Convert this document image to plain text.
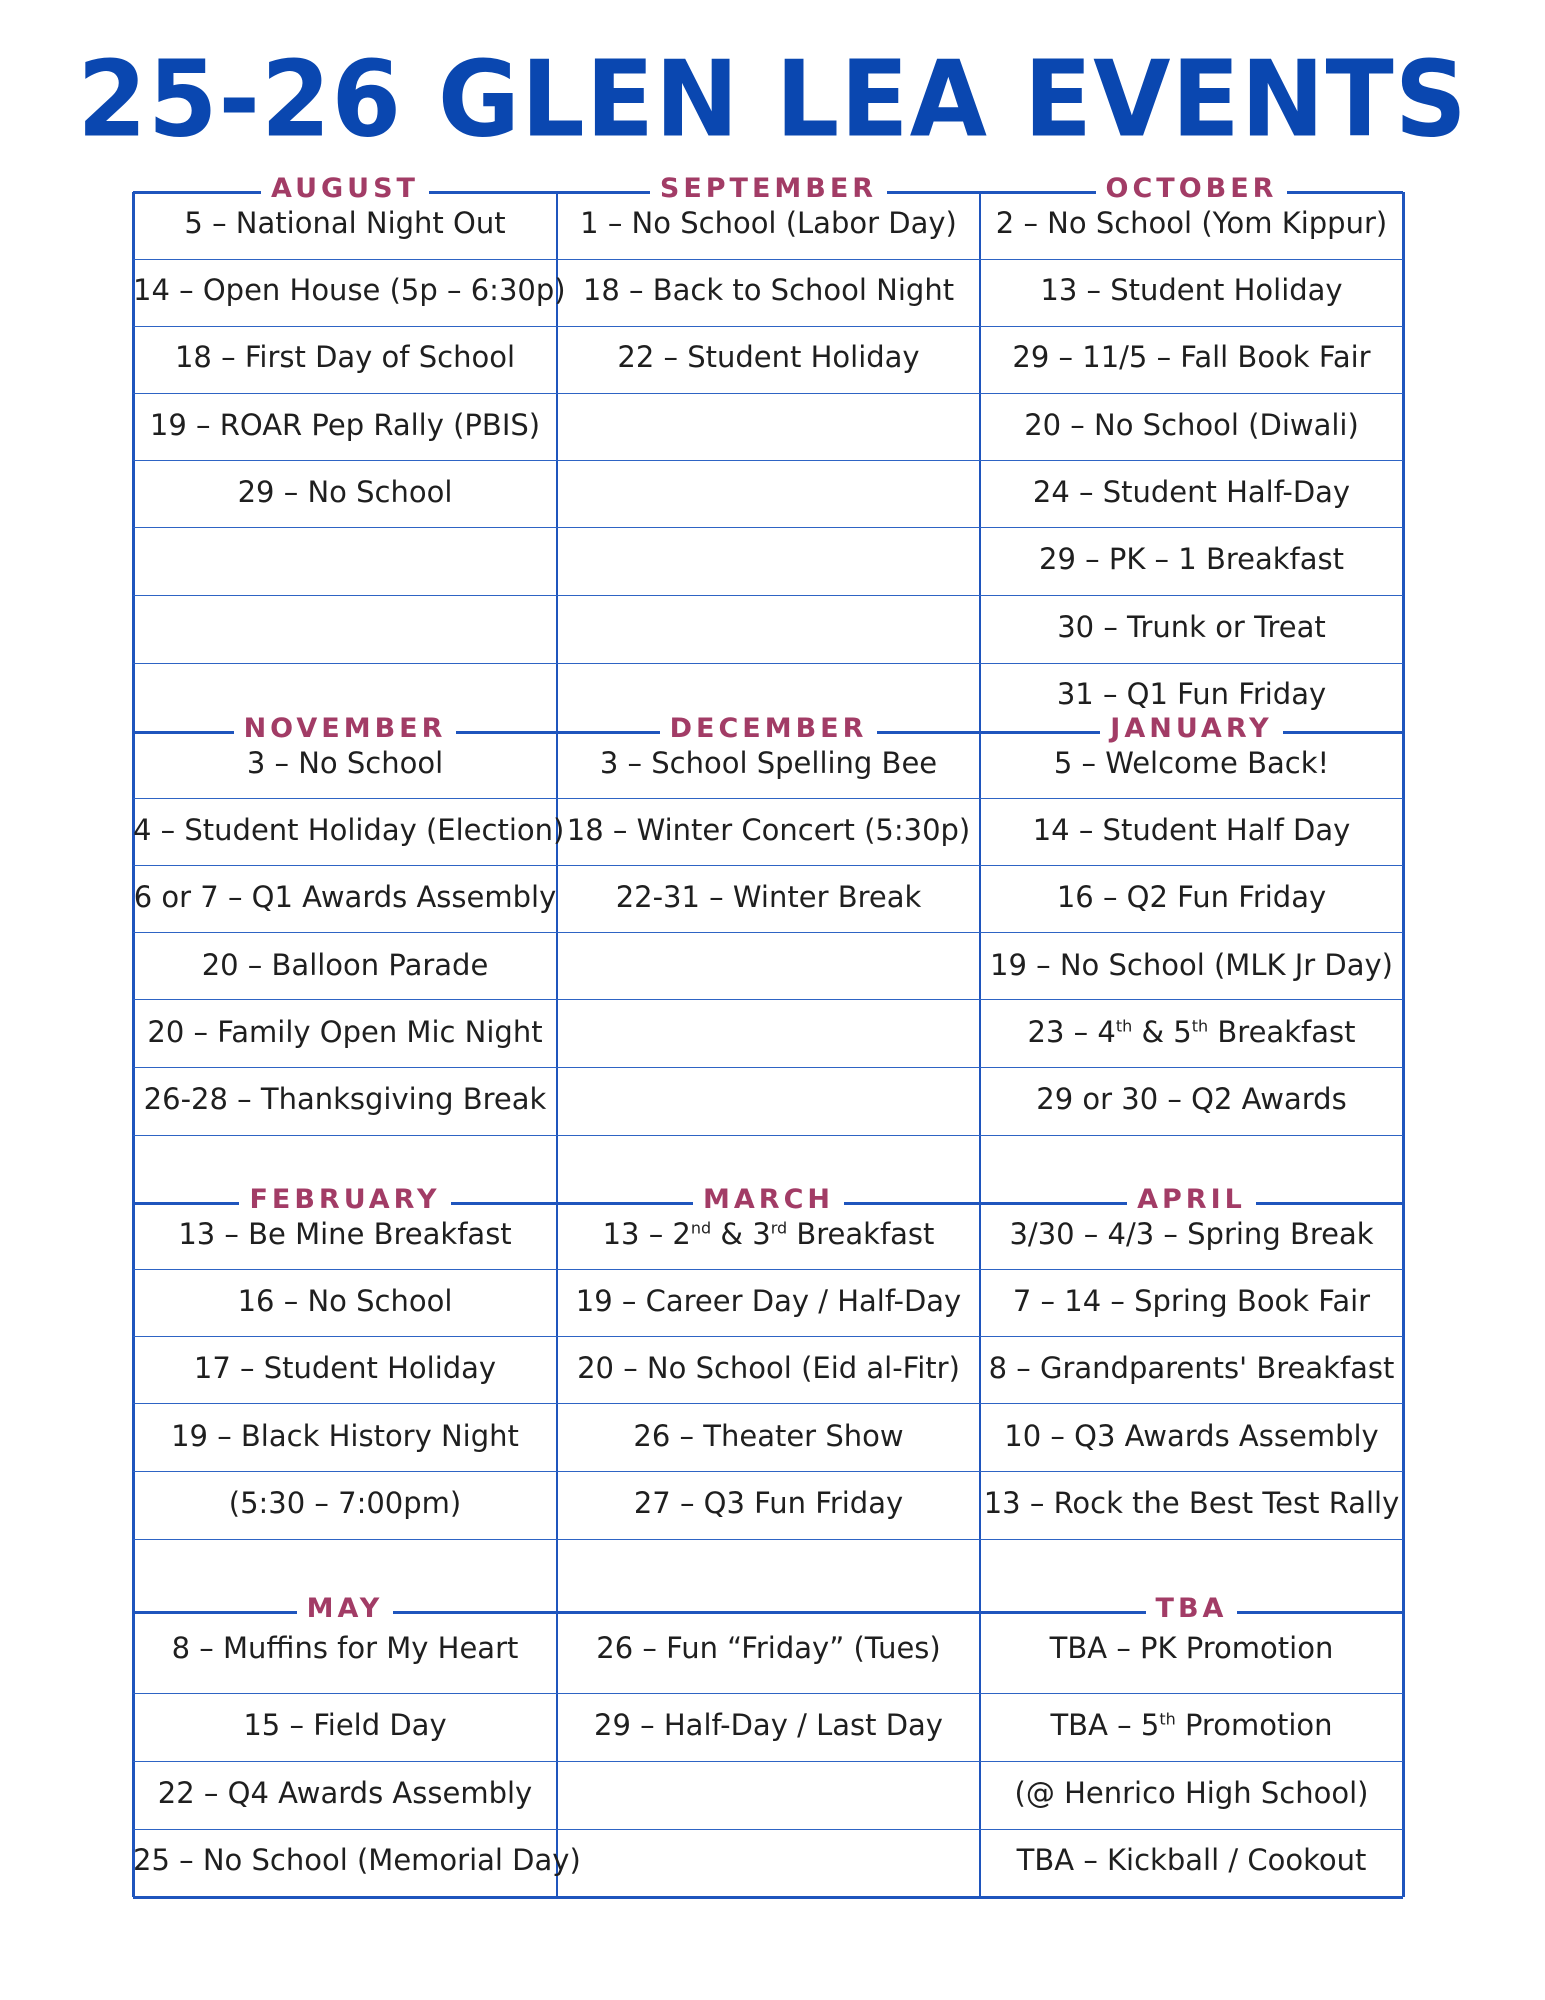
25-26 GLEN LEA EVENTS
AUGUST
5 – National Night Out
14 – Open House (5p – 6:30p)
18 – First Day of School
19 – ROAR Pep Rally (PBIS)
29 – No School
SEPTEMBER
1 – No School (Labor Day)
18 – Back to School Night
22 – Student Holiday
OCTOBER
2 – No School (Yom Kippur)
13 – Student Holiday
29 – 11/5 – Fall Book Fair
20 – No School (Diwali)
24 – Student Half-Day
29 – PK – 1 Breakfast
30 – Trunk or Treat
31 – Q1 Fun Friday
NOVEMBER
3 – No School
4 – Student Holiday (Election)
6 or 7 – Q1 Awards Assembly
20 – Balloon Parade
20 – Family Open Mic Night
26-28 – Thanksgiving Break
DECEMBER
3 – School Spelling Bee
18 – Winter Concert (5:30p)
22-31 – Winter Break
JANUARY
5 – Welcome Back!
14 – Student Half Day
16 – Q2 Fun Friday
19 – No School (MLK Jr Day)
23 – 4th & 5th Breakfast
29 or 30 – Q2 Awards
FEBRUARY
13 – Be Mine Breakfast
16 – No School
17 – Student Holiday
19 – Black History Night
(5:30 – 7:00pm)
MARCH
13 – 2nd & 3rd Breakfast
19 – Career Day / Half-Day
20 – No School (Eid al-Fitr)
26 – Theater Show
27 – Q3 Fun Friday
APRIL
3/30 – 4/3 – Spring Break
7 – 14 – Spring Book Fair
8 – Grandparents' Breakfast
10 – Q3 Awards Assembly
13 – Rock the Best Test Rally
MAY
8 – Muffins for My Heart
15 – Field Day
22 – Q4 Awards Assembly
25 – No School (Memorial Day)
26 – Fun “Friday” (Tues)
29 – Half-Day / Last Day
TBA
TBA – PK Promotion
TBA – 5th Promotion
(@ Henrico High School)
TBA – Kickball / Cookout
